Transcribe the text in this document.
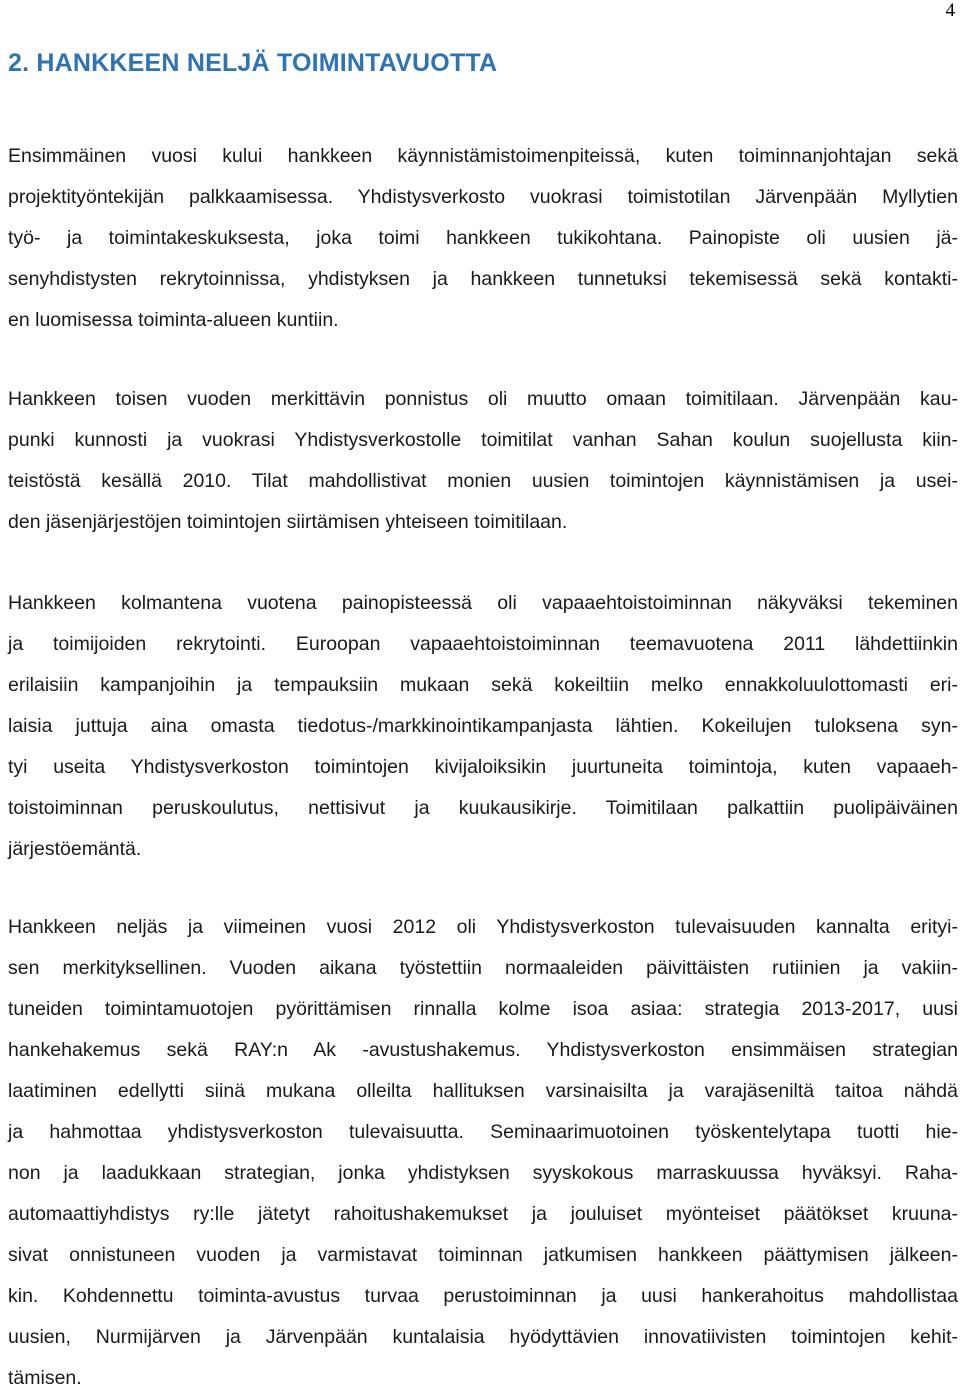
4
2. HANKKEEN NELJÄ TOIMINTAVUOTTA
Ensimmäinen vuosi kului hankkeen käynnistämistoimenpiteissä, kuten toiminnanjohtajan sekä
projektityöntekijän palkkaamisessa. Yhdistysverkosto vuokrasi toimistotilan Järvenpään Myllytien
työ- ja toimintakeskuksesta, joka toimi hankkeen tukikohtana. Painopiste oli uusien jä-
senyhdistysten rekrytoinnissa, yhdistyksen ja hankkeen tunnetuksi tekemisessä sekä kontakti-
en luomisessa toiminta-alueen kuntiin.
Hankkeen toisen vuoden merkittävin ponnistus oli muutto omaan toimitilaan. Järvenpään kau-
punki kunnosti ja vuokrasi Yhdistysverkostolle toimitilat vanhan Sahan koulun suojellusta kiin-
teistöstä kesällä 2010. Tilat mahdollistivat monien uusien toimintojen käynnistämisen ja usei-
den jäsenjärjestöjen toimintojen siirtämisen yhteiseen toimitilaan.
Hankkeen kolmantena vuotena painopisteessä oli vapaaehtoistoiminnan näkyväksi tekeminen
ja toimijoiden rekrytointi. Euroopan vapaaehtoistoiminnan teemavuotena 2011 lähdettiinkin
erilaisiin kampanjoihin ja tempauksiin mukaan sekä kokeiltiin melko ennakkoluulottomasti eri-
laisia juttuja aina omasta tiedotus-/markkinointikampanjasta lähtien. Kokeilujen tuloksena syn-
tyi useita Yhdistysverkoston toimintojen kivijaloiksikin juurtuneita toimintoja, kuten vapaaeh-
toistoiminnan peruskoulutus, nettisivut ja kuukausikirje. Toimitilaan palkattiin puolipäiväinen
järjestöemäntä.
Hankkeen neljäs ja viimeinen vuosi 2012 oli Yhdistysverkoston tulevaisuuden kannalta erityi-
sen merkityksellinen. Vuoden aikana työstettiin normaaleiden päivittäisten rutiinien ja vakiin-
tuneiden toimintamuotojen pyörittämisen rinnalla kolme isoa asiaa: strategia 2013-2017, uusi
hankehakemus sekä RAY:n Ak -avustushakemus. Yhdistysverkoston ensimmäisen strategian
laatiminen edellytti siinä mukana olleilta hallituksen varsinaisilta ja varajäseniltä taitoa nähdä
ja hahmottaa yhdistysverkoston tulevaisuutta. Seminaarimuotoinen työskentelytapa tuotti hie-
non ja laadukkaan strategian, jonka yhdistyksen syyskokous marraskuussa hyväksyi. Raha-
automaattiyhdistys ry:lle jätetyt rahoitushakemukset ja jouluiset myönteiset päätökset kruuna-
sivat onnistuneen vuoden ja varmistavat toiminnan jatkumisen hankkeen päättymisen jälkeen-
kin. Kohdennettu toiminta-avustus turvaa perustoiminnan ja uusi hankerahoitus mahdollistaa
uusien, Nurmijärven ja Järvenpään kuntalaisia hyödyttävien innovatiivisten toimintojen kehit-
tämisen.
